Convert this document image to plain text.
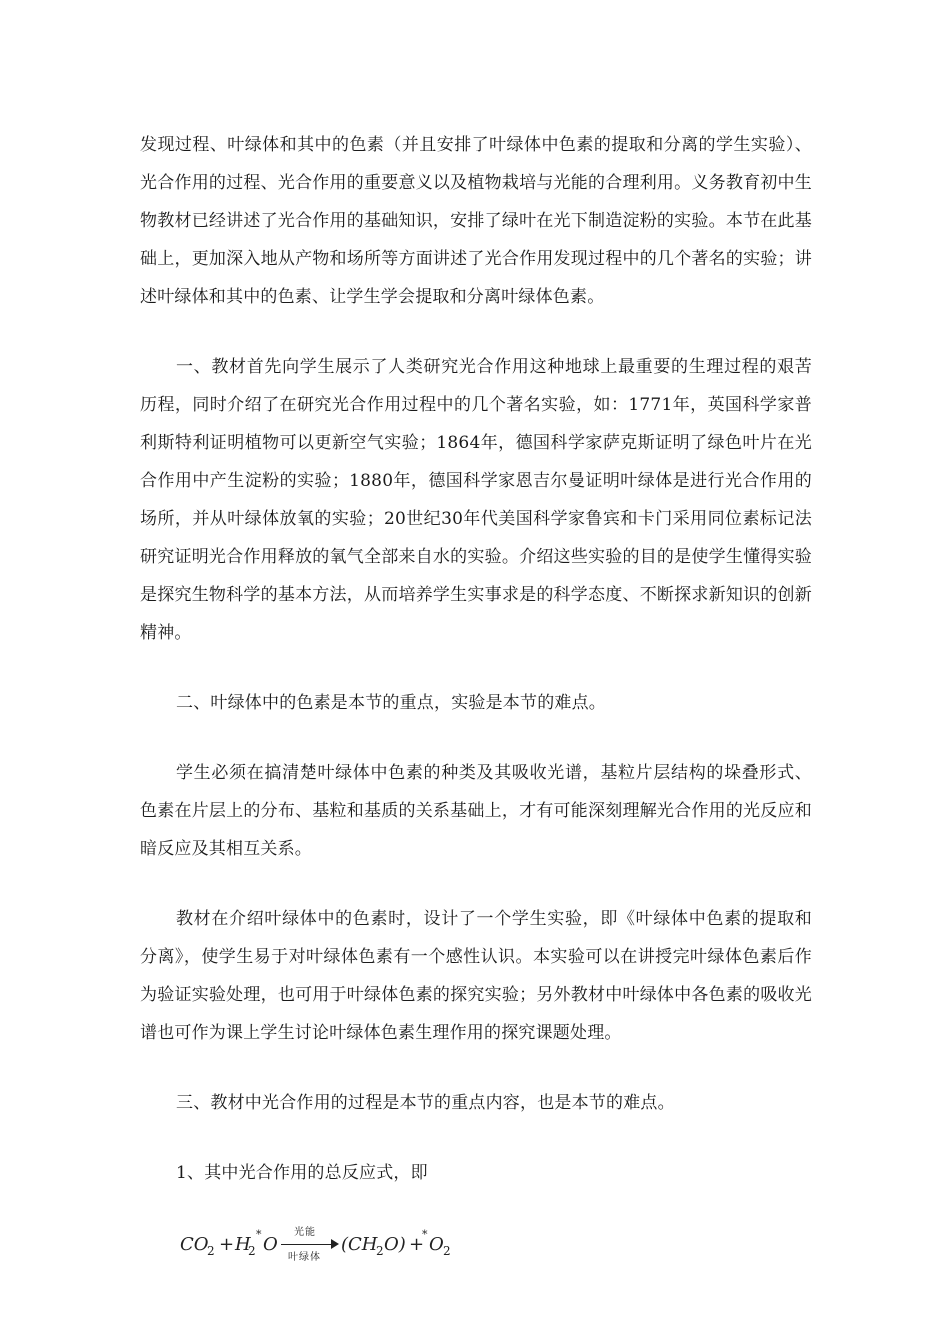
发现过程、叶绿体和其中的色素（并且安排了叶绿体中色素的提取和分离的学生实验）、光合作用的过程、光合作用的重要意义以及植物栽培与光能的合理利用。义务教育初中生物教材已经讲述了光合作用的基础知识，安排了绿叶在光下制造淀粉的实验。本节在此基础上，更加深入地从产物和场所等方面讲述了光合作用发现过程中的几个著名的实验；讲述叶绿体和其中的色素、让学生学会提取和分离叶绿体色素。

一、教材首先向学生展示了人类研究光合作用这种地球上最重要的生理过程的艰苦历程，同时介绍了在研究光合作用过程中的几个著名实验，如：1771年，英国科学家普利斯特利证明植物可以更新空气实验；1864年，德国科学家萨克斯证明了绿色叶片在光合作用中产生淀粉的实验；1880年，德国科学家恩吉尔曼证明叶绿体是进行光合作用的场所，并从叶绿体放氧的实验；20世纪30年代美国科学家鲁宾和卡门采用同位素标记法研究证明光合作用释放的氧气全部来自水的实验。介绍这些实验的目的是使学生懂得实验是探究生物科学的基本方法，从而培养学生实事求是的科学态度、不断探求新知识的创新精神。

二、叶绿体中的色素是本节的重点，实验是本节的难点。

学生必须在搞清楚叶绿体中色素的种类及其吸收光谱，基粒片层结构的垛叠形式、色素在片层上的分布、基粒和基质的关系基础上，才有可能深刻理解光合作用的光反应和暗反应及其相互关系。

教材在介绍叶绿体中的色素时，设计了一个学生实验，即《叶绿体中色素的提取和分离》，使学生易于对叶绿体色素有一个感性认识。本实验可以在讲授完叶绿体色素后作为验证实验处理，也可用于叶绿体色素的探究实验；另外教材中叶绿体中各色素的吸收光谱也可作为课上学生讨论叶绿体色素生理作用的探究课题处理。

三、教材中光合作用的过程是本节的重点内容，也是本节的难点。

1、其中光合作用的总反应式，即

CO
2 + H
2
* O
光能
叶绿体
(CH
2 O) +
* O 2
